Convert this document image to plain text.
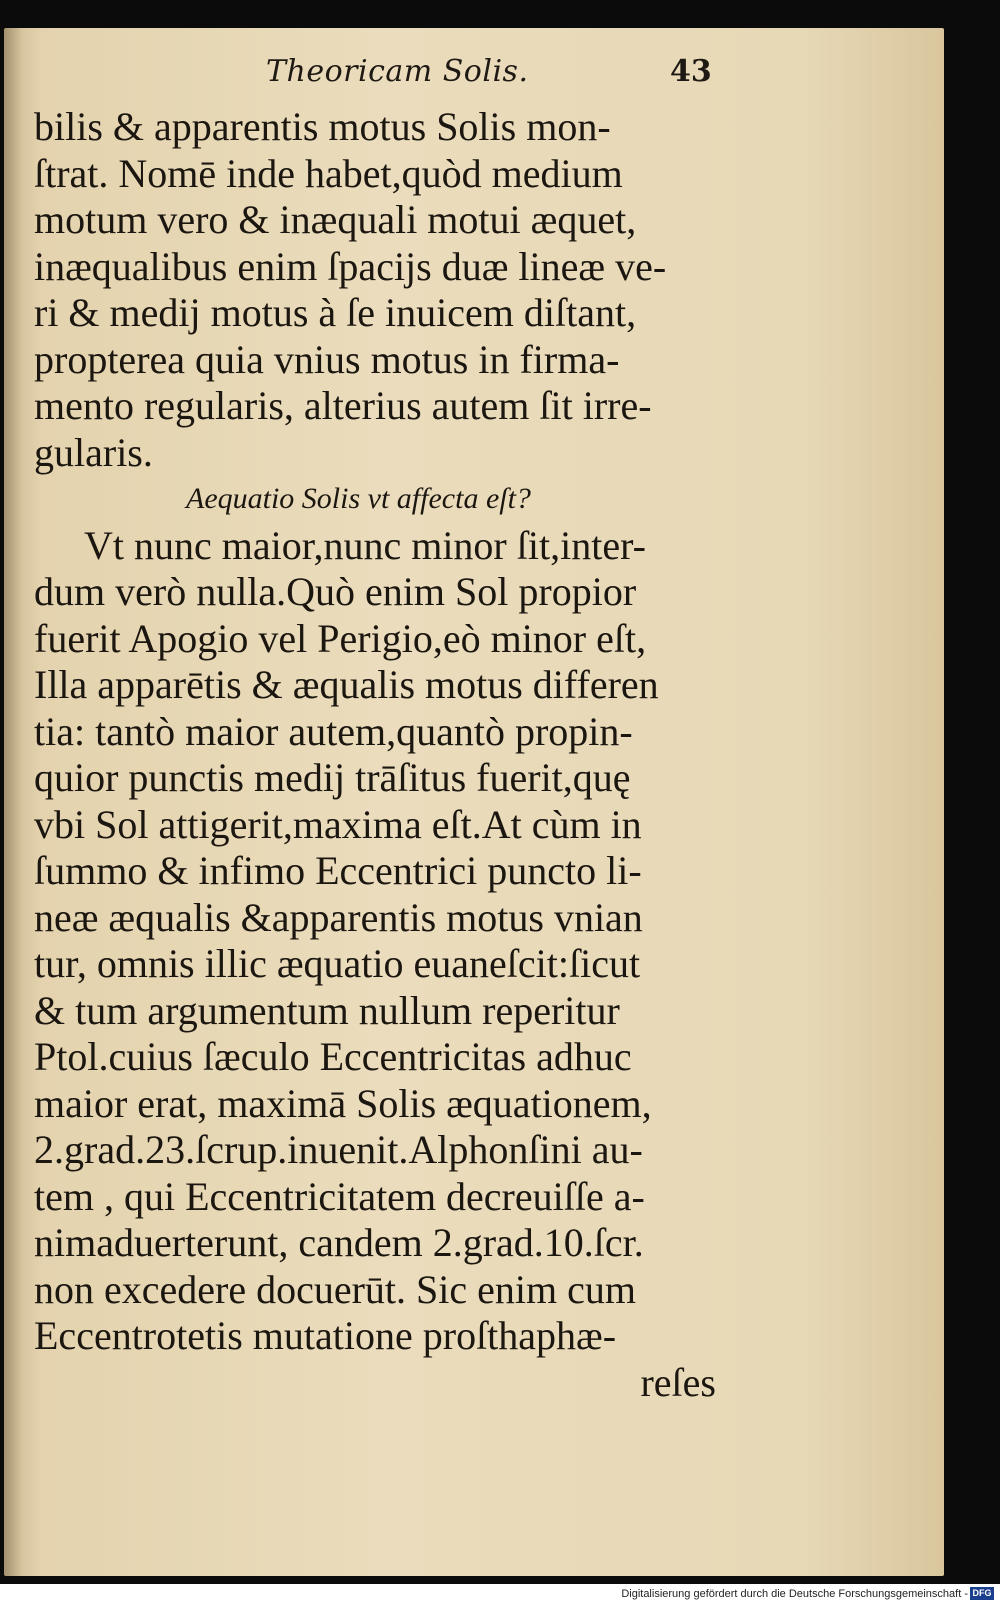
Theoricam Solis.	43
bilis & apparentis motus Solis mon-
ſtrat. Nomē inde habet,quòd medium
motum vero & inæquali motui æquet,
inæqualibus enim ſpacijs duæ lineæ ve-
ri & medij motus à ſe inuicem diſtant,
propterea quia vnius motus in firma-
mento regularis, alterius autem ſit irre-
gularis.
Aequatio Solis vt affecta eſt?
Vt nunc maior,nunc minor ſit,inter-
dum verò nulla.Quò enim Sol propior
fuerit Apogio vel Perigio,eò minor eſt,
Illa apparētis & æqualis motus differen
tia: tantò maior autem,quantò propin-
quior punctis medij trāſitus fuerit,quę
vbi Sol attigerit,maxima eſt.At cùm in
ſummo & infimo Eccentrici puncto li-
neæ æqualis &apparentis motus vnian
tur, omnis illic æquatio euaneſcit:ſicut
& tum argumentum nullum reperitur
Ptol.cuius ſæculo Eccentricitas adhuc
maior erat, maximā Solis æquationem,
2.grad.23.ſcrup.inuenit.Alphonſini au-
tem , qui Eccentricitatem decreuiſſe a-
nimaduerterunt, candem 2.grad.10.ſcr.
non excedere docuerūt. Sic enim cum
Eccentrotetis mutatione proſthaphæ-
reſes
Digitalisierung gefördert durch die Deutsche Forschungsgemeinschaft - DFG
